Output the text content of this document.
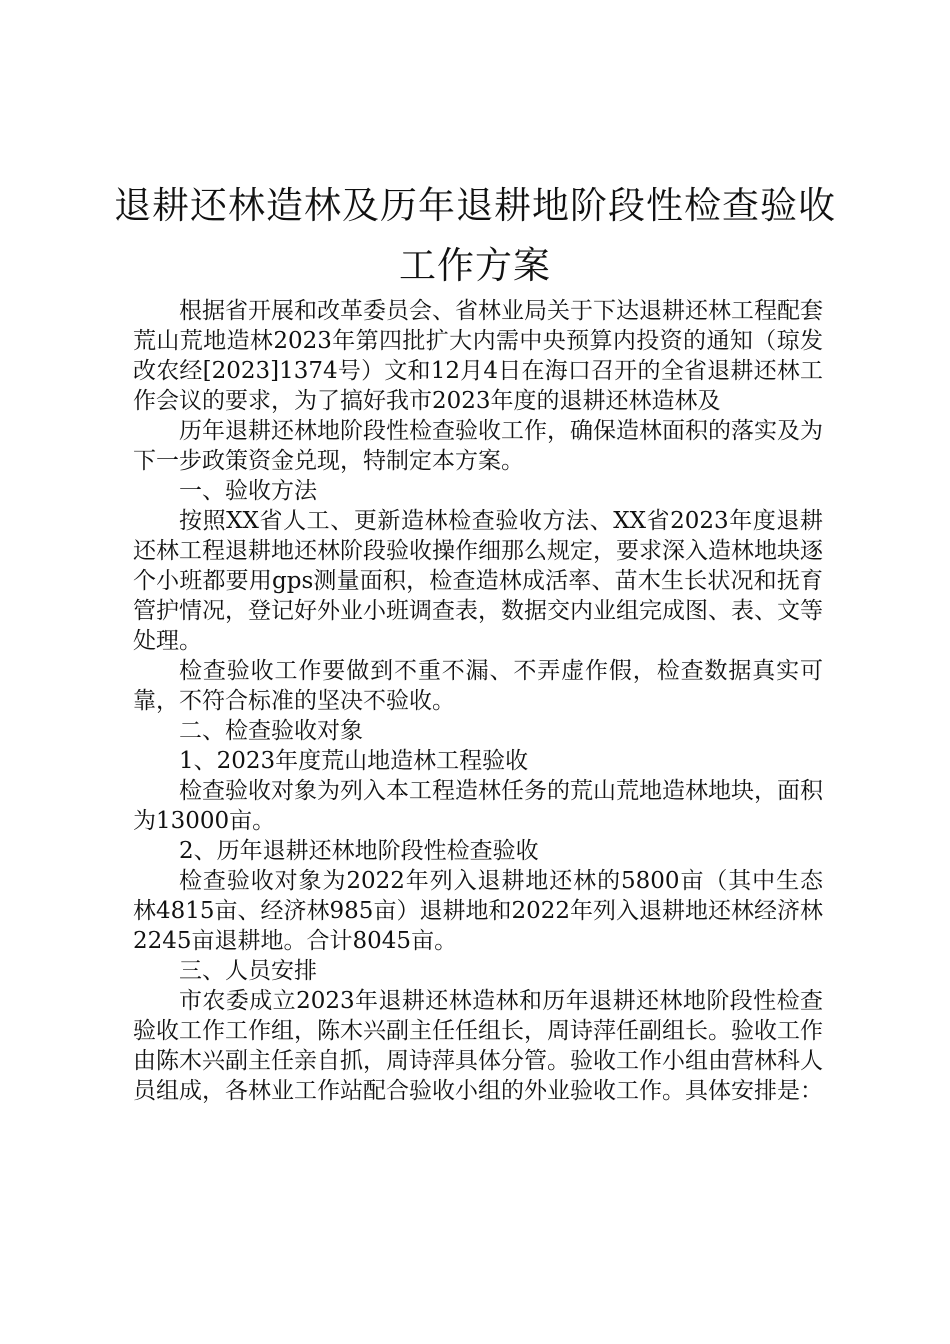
退耕还林造林及历年退耕地阶段性检查验收
工作方案

根据省开展和改革委员会、省林业局关于下达退耕还林工程配套荒山荒地造林2023年第四批扩大内需中央预算内投资的通知（琼发改农经[2023]1374号）文和12月4日在海口召开的全省退耕还林工作会议的要求，为了搞好我市2023年度的退耕还林造林及

历年退耕还林地阶段性检查验收工作，确保造林面积的落实及为下一步政策资金兑现，特制定本方案。

一、验收方法

按照XX省人工、更新造林检查验收方法、XX省2023年度退耕还林工程退耕地还林阶段验收操作细那么规定，要求深入造林地块逐个小班都要用gps测量面积，检查造林成活率、苗木生长状况和抚育管护情况，登记好外业小班调查表，数据交内业组完成图、表、文等处理。

检查验收工作要做到不重不漏、不弄虚作假，检查数据真实可靠，不符合标准的坚决不验收。

二、检查验收对象

1、2023年度荒山地造林工程验收

检查验收对象为列入本工程造林任务的荒山荒地造林地块，面积为13000亩。

2、历年退耕还林地阶段性检查验收

检查验收对象为2022年列入退耕地还林的5800亩（其中生态林4815亩、经济林985亩）退耕地和2022年列入退耕地还林经济林2245亩退耕地。合计8045亩。

三、人员安排

市农委成立2023年退耕还林造林和历年退耕还林地阶段性检查验收工作工作组，陈木兴副主任任组长，周诗萍任副组长。验收工作由陈木兴副主任亲自抓，周诗萍具体分管。验收工作小组由营林科人员组成，各林业工作站配合验收小组的外业验收工作。具体安排是：
